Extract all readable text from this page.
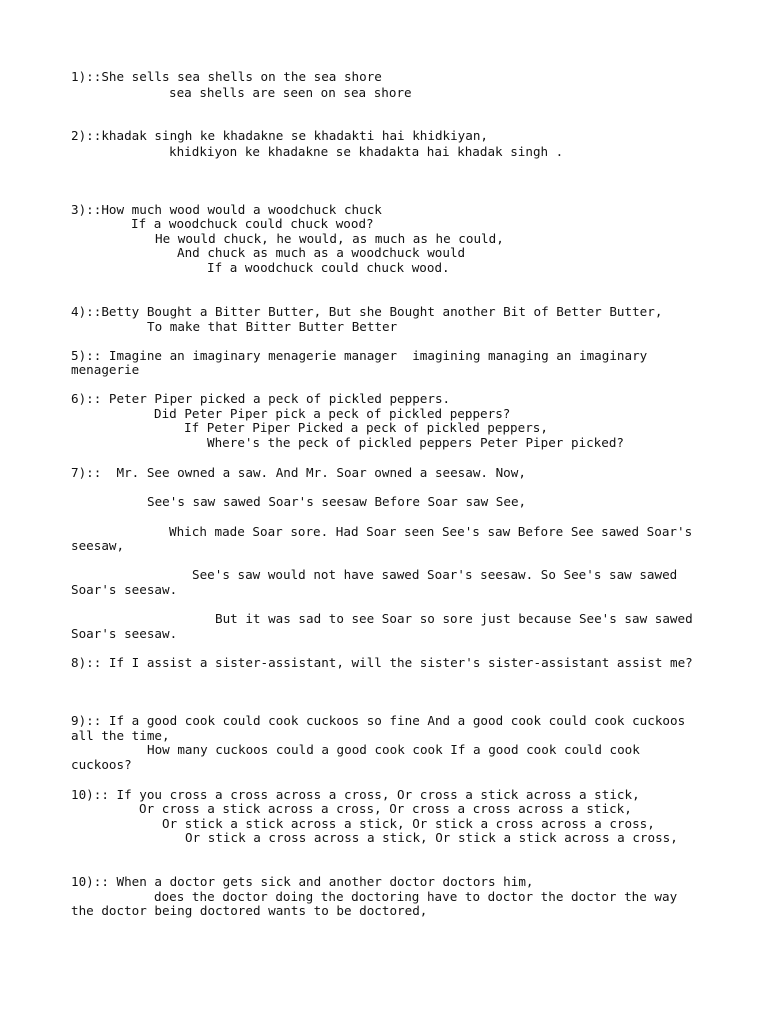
1)::She sells sea shells on the sea shore

sea shells are seen on sea shore

2)::khadak singh ke khadakne se khadakti hai khidkiyan,

khidkiyon ke khadakne se khadakta hai khadak singh .

3)::How much wood would a woodchuck chuck

If a woodchuck could chuck wood?

He would chuck, he would, as much as he could,

And chuck as much as a woodchuck would

If a woodchuck could chuck wood.

4)::Betty Bought a Bitter Butter, But she Bought another Bit of Better Butter,

To make that Bitter Butter Better

5):: Imagine an imaginary menagerie manager  imagining managing an imaginary

menagerie

6):: Peter Piper picked a peck of pickled peppers.

Did Peter Piper pick a peck of pickled peppers?

If Peter Piper Picked a peck of pickled peppers,

Where's the peck of pickled peppers Peter Piper picked?

7)::  Mr. See owned a saw. And Mr. Soar owned a seesaw. Now,

See's saw sawed Soar's seesaw Before Soar saw See,

Which made Soar sore. Had Soar seen See's saw Before See sawed Soar's

seesaw,

See's saw would not have sawed Soar's seesaw. So See's saw sawed

Soar's seesaw.

But it was sad to see Soar so sore just because See's saw sawed

Soar's seesaw.

8):: If I assist a sister-assistant, will the sister's sister-assistant assist me?

9):: If a good cook could cook cuckoos so fine And a good cook could cook cuckoos

all the time,

How many cuckoos could a good cook cook If a good cook could cook

cuckoos?

10):: If you cross a cross across a cross, Or cross a stick across a stick,

Or cross a stick across a cross, Or cross a cross across a stick,

Or stick a stick across a stick, Or stick a cross across a cross,

Or stick a cross across a stick, Or stick a stick across a cross,

10):: When a doctor gets sick and another doctor doctors him,

does the doctor doing the doctoring have to doctor the doctor the way

the doctor being doctored wants to be doctored,
